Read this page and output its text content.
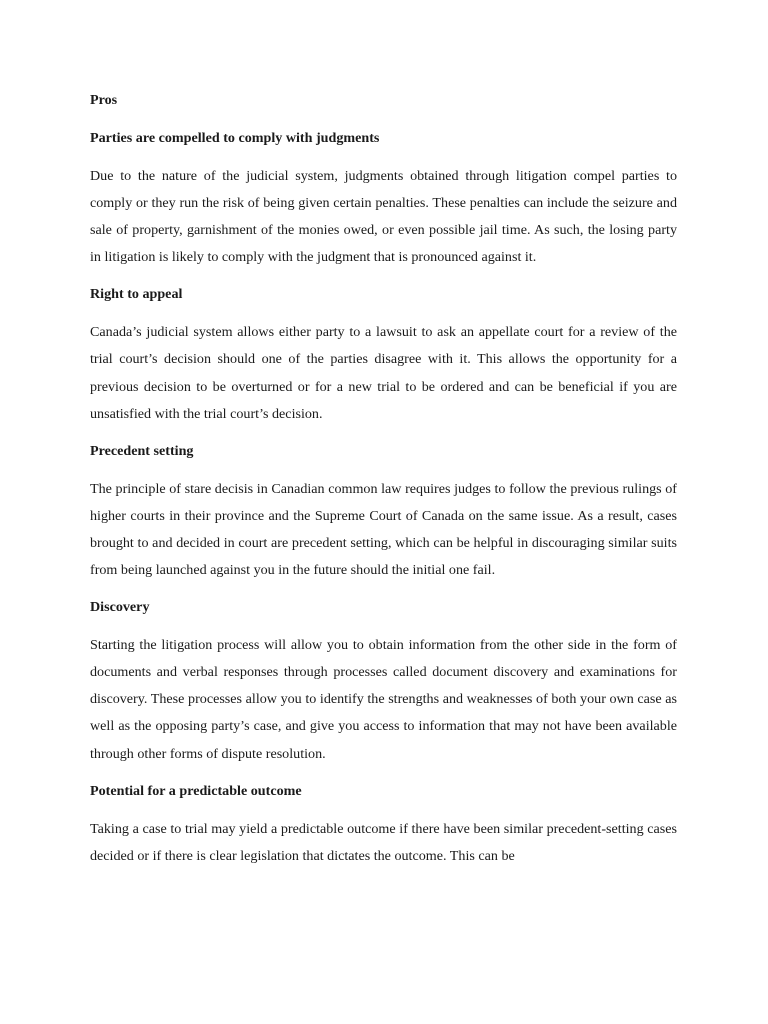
Pros
Parties are compelled to comply with judgments

Due to the nature of the judicial system, judgments obtained through litigation compel parties to comply or they run the risk of being given certain penalties. These penalties can include the seizure and sale of property, garnishment of the monies owed, or even possible jail time. As such, the losing party in litigation is likely to comply with the judgment that is pronounced against it.

Right to appeal

Canada’s judicial system allows either party to a lawsuit to ask an appellate court for a review of the trial court’s decision should one of the parties disagree with it. This allows the opportunity for a previous decision to be overturned or for a new trial to be ordered and can be beneficial if you are unsatisfied with the trial court’s decision.

Precedent setting

The principle of stare decisis in Canadian common law requires judges to follow the previous rulings of higher courts in their province and the Supreme Court of Canada on the same issue. As a result, cases brought to and decided in court are precedent setting, which can be helpful in discouraging similar suits from being launched against you in the future should the initial one fail.

Discovery

Starting the litigation process will allow you to obtain information from the other side in the form of documents and verbal responses through processes called document discovery and examinations for discovery. These processes allow you to identify the strengths and weaknesses of both your own case as well as the opposing party’s case, and give you access to information that may not have been available through other forms of dispute resolution.

Potential for a predictable outcome

Taking a case to trial may yield a predictable outcome if there have been similar precedent-setting cases decided or if there is clear legislation that dictates the outcome. This can be
